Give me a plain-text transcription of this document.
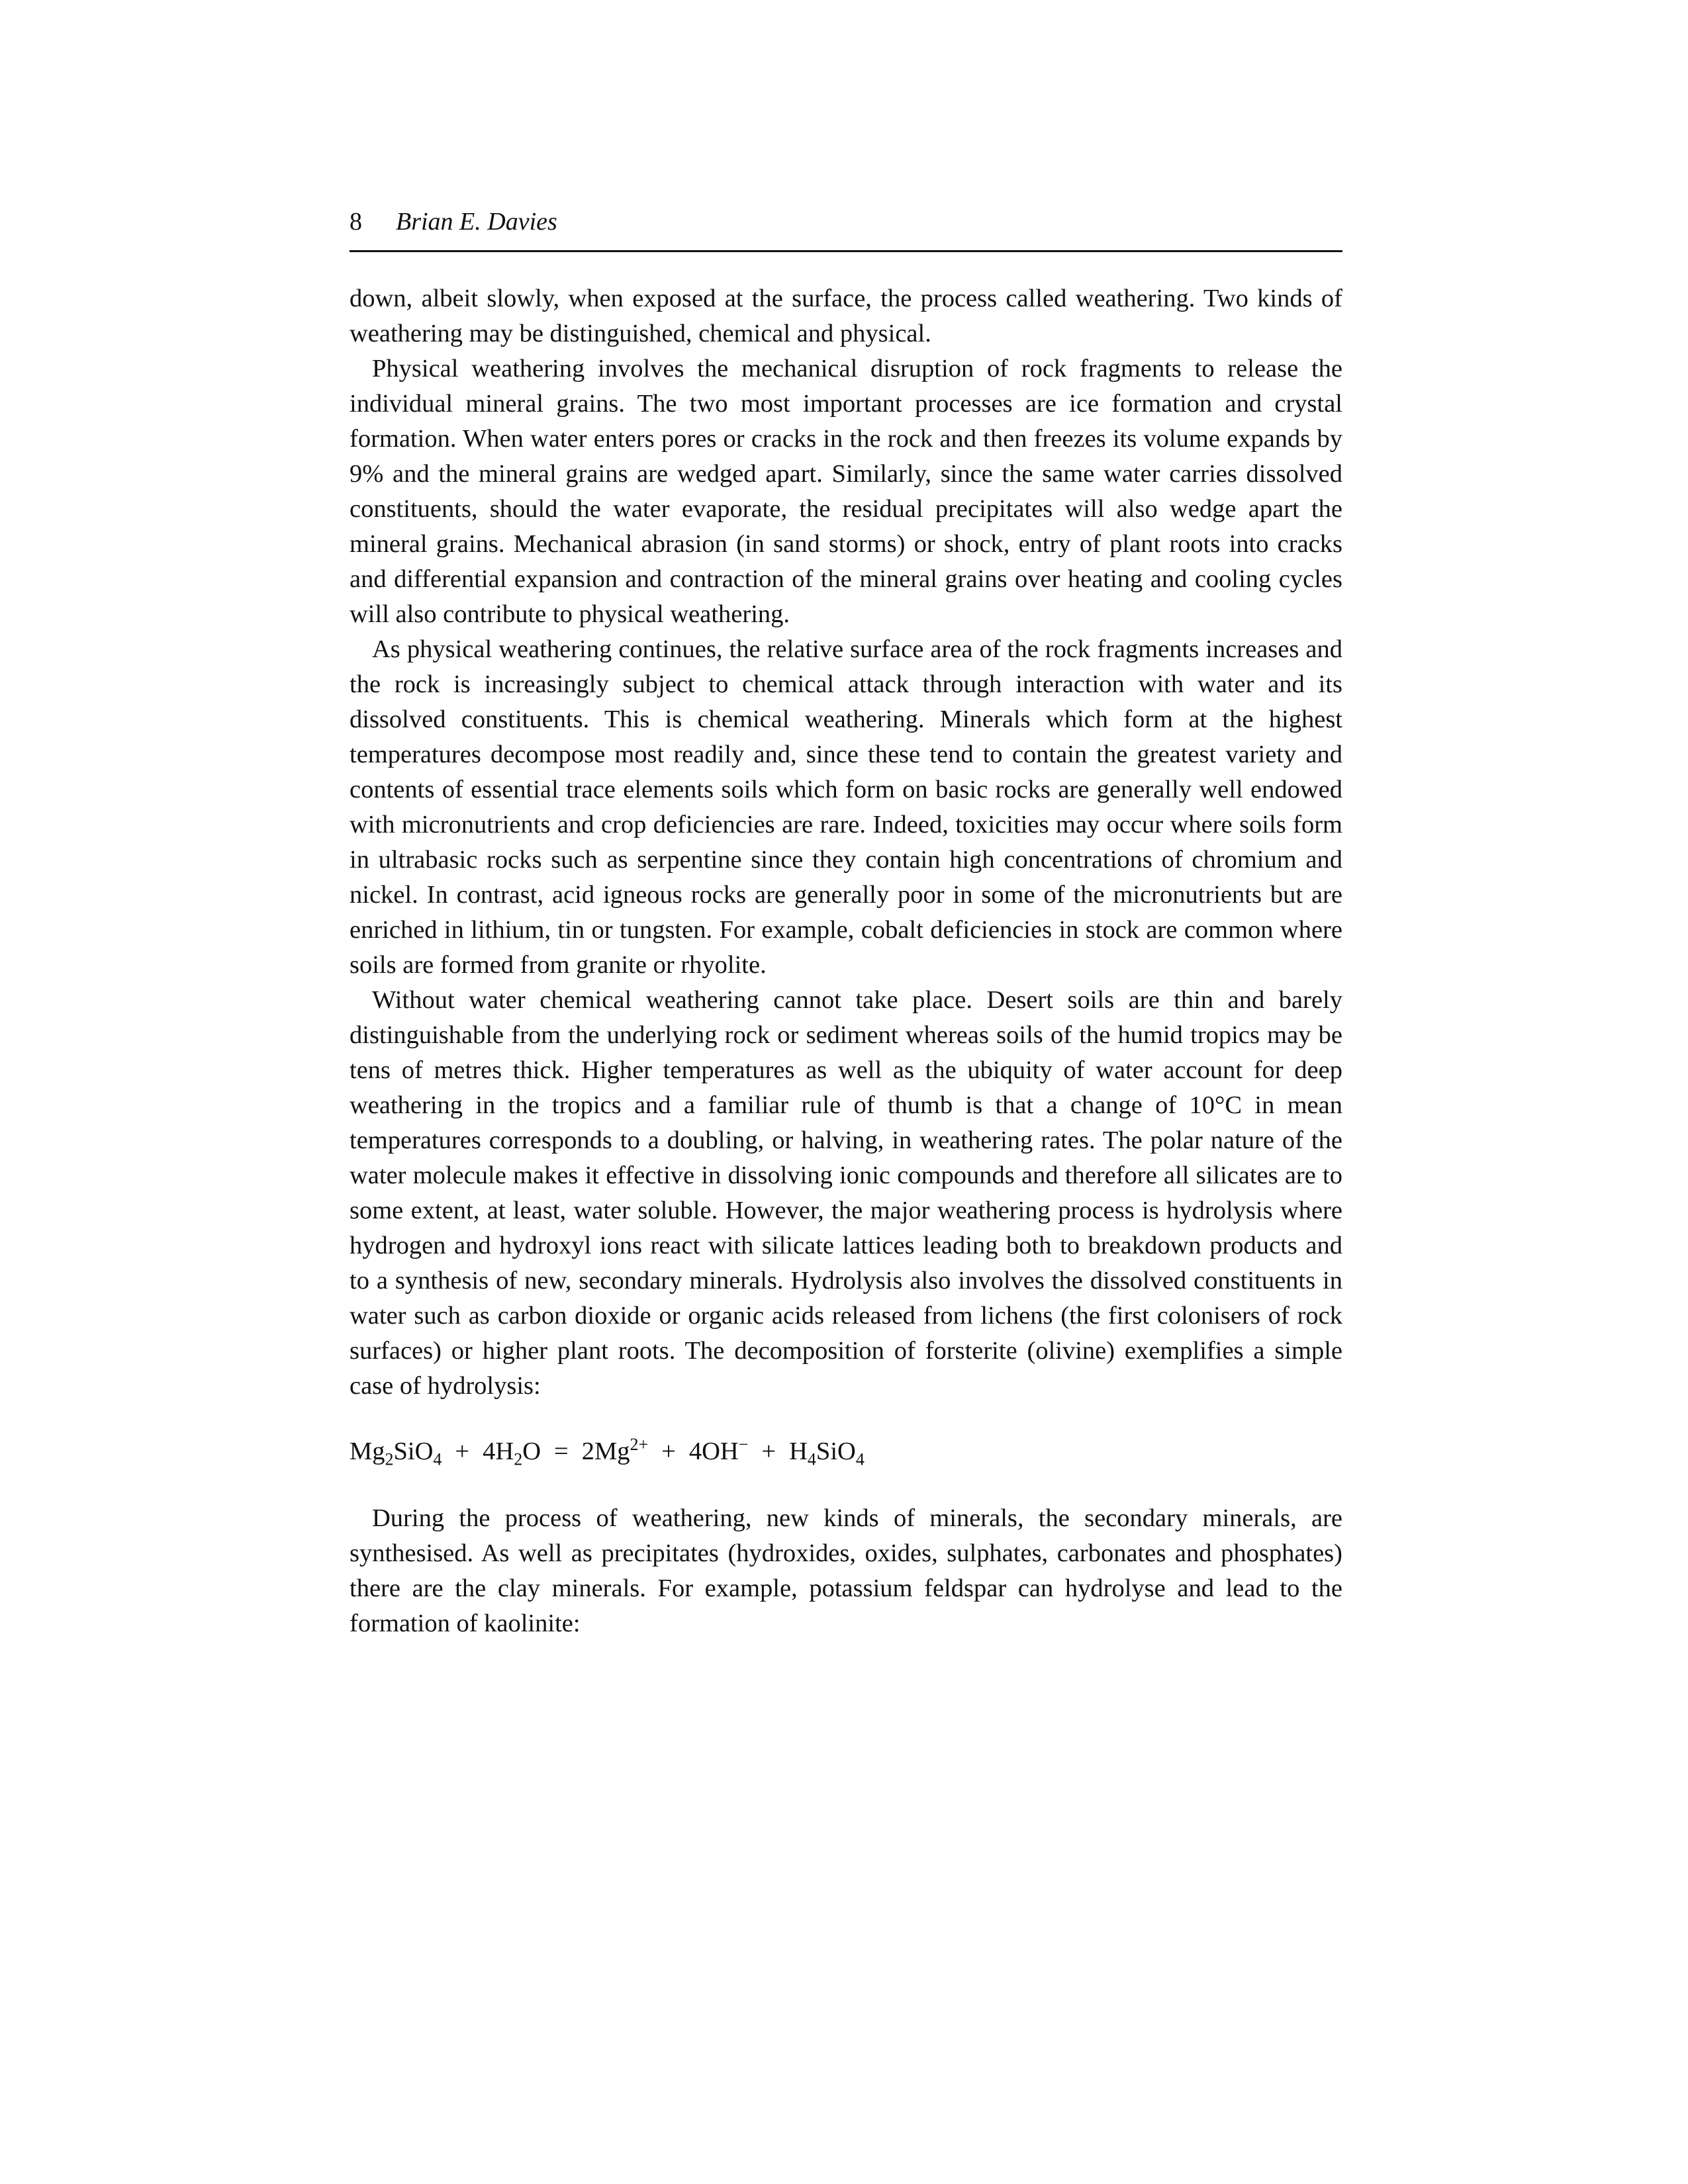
8 Brian E. Davies

down, albeit slowly, when exposed at the surface, the process called weathering. Two kinds of weathering may be distinguished, chemical and physical.

Physical weathering involves the mechanical disruption of rock fragments to release the individual mineral grains. The two most important processes are ice formation and crystal formation. When water enters pores or cracks in the rock and then freezes its volume expands by 9% and the mineral grains are wedged apart. Similarly, since the same water carries dissolved constituents, should the water evaporate, the residual precipitates will also wedge apart the mineral grains. Mechanical abrasion (in sand storms) or shock, entry of plant roots into cracks and differential expansion and contraction of the mineral grains over heating and cooling cycles will also contribute to physical weathering.

As physical weathering continues, the relative surface area of the rock fragments increases and the rock is increasingly subject to chemical attack through interaction with water and its dissolved constituents. This is chemical weathering. Minerals which form at the highest temperatures decompose most readily and, since these tend to contain the greatest variety and contents of essential trace elements soils which form on basic rocks are generally well endowed with micronutrients and crop deficiencies are rare. Indeed, toxicities may occur where soils form in ultrabasic rocks such as serpentine since they contain high concentrations of chromium and nickel. In contrast, acid igneous rocks are generally poor in some of the micronutrients but are enriched in lithium, tin or tungsten. For example, cobalt deficiencies in stock are common where soils are formed from granite or rhyolite.

Without water chemical weathering cannot take place. Desert soils are thin and barely distinguishable from the underlying rock or sediment whereas soils of the humid tropics may be tens of metres thick. Higher temperatures as well as the ubiquity of water account for deep weathering in the tropics and a familiar rule of thumb is that a change of 10°C in mean temperatures corresponds to a doubling, or halving, in weathering rates. The polar nature of the water molecule makes it effective in dissolving ionic compounds and therefore all silicates are to some extent, at least, water soluble. However, the major weathering process is hydrolysis where hydrogen and hydroxyl ions react with silicate lattices leading both to breakdown products and to a synthesis of new, secondary minerals. Hydrolysis also involves the dissolved constituents in water such as carbon dioxide or organic acids released from lichens (the first colonisers of rock surfaces) or higher plant roots. The decomposition of forsterite (olivine) exemplifies a simple case of hydrolysis:

$Mg_2SiO_4 + 4H_2O = 2Mg^{2+} + 4OH^- + H_4SiO_4$

During the process of weathering, new kinds of minerals, the secondary minerals, are synthesised. As well as precipitates (hydroxides, oxides, sulphates, carbonates and phosphates) there are the clay minerals. For example, potassium feldspar can hydrolyse and lead to the formation of kaolinite:
